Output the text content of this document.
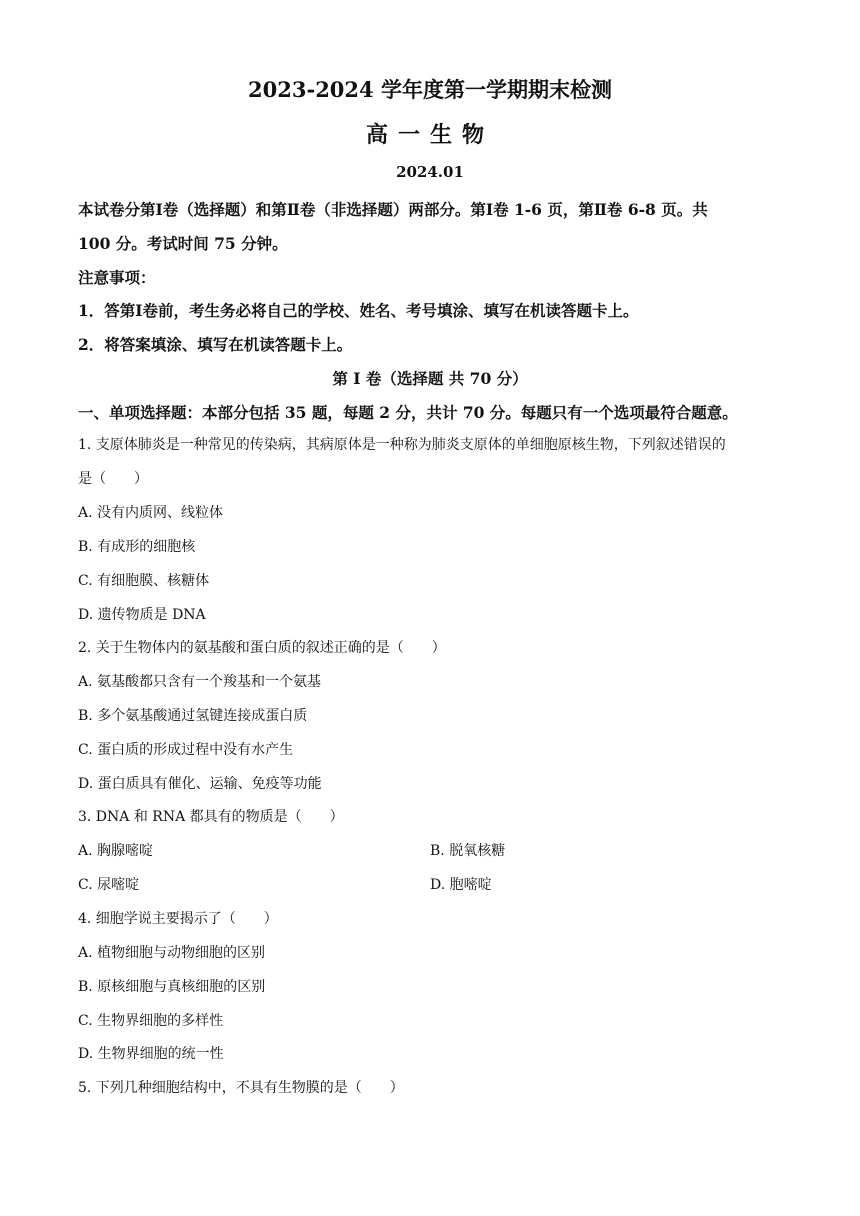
2023-2024 学年度第一学期期末检测
高一生物
2024.01
本试卷分第Ⅰ卷（选择题）和第Ⅱ卷（非选择题）两部分。第Ⅰ卷 1-6 页，第Ⅱ卷 6-8 页。共
100 分。考试时间 75 分钟。
注意事项：
1．答第Ⅰ卷前，考生务必将自己的学校、姓名、考号填涂、填写在机读答题卡上。
2．将答案填涂、填写在机读答题卡上。
第 Ⅰ 卷（选择题 共 70 分）
一、单项选择题：本部分包括 35 题，每题 2 分，共计 70 分。每题只有一个选项最符合题意。
1. 支原体肺炎是一种常见的传染病，其病原体是一种称为肺炎支原体的单细胞原核生物，下列叙述错误的
是（　　）
A. 没有内质网、线粒体
B. 有成形的细胞核
C. 有细胞膜、核糖体
D. 遗传物质是 DNA
2. 关于生物体内的氨基酸和蛋白质的叙述正确的是（　　）
A. 氨基酸都只含有一个羧基和一个氨基
B. 多个氨基酸通过氢键连接成蛋白质
C. 蛋白质的形成过程中没有水产生
D. 蛋白质具有催化、运输、免疫等功能
3. DNA 和 RNA 都具有的物质是（　　）
A. 胸腺嘧啶	B. 脱氧核糖
C. 尿嘧啶	D. 胞嘧啶
4. 细胞学说主要揭示了（　　）
A. 植物细胞与动物细胞的区别
B. 原核细胞与真核细胞的区别
C. 生物界细胞的多样性
D. 生物界细胞的统一性
5. 下列几种细胞结构中，不具有生物膜的是（　　）
